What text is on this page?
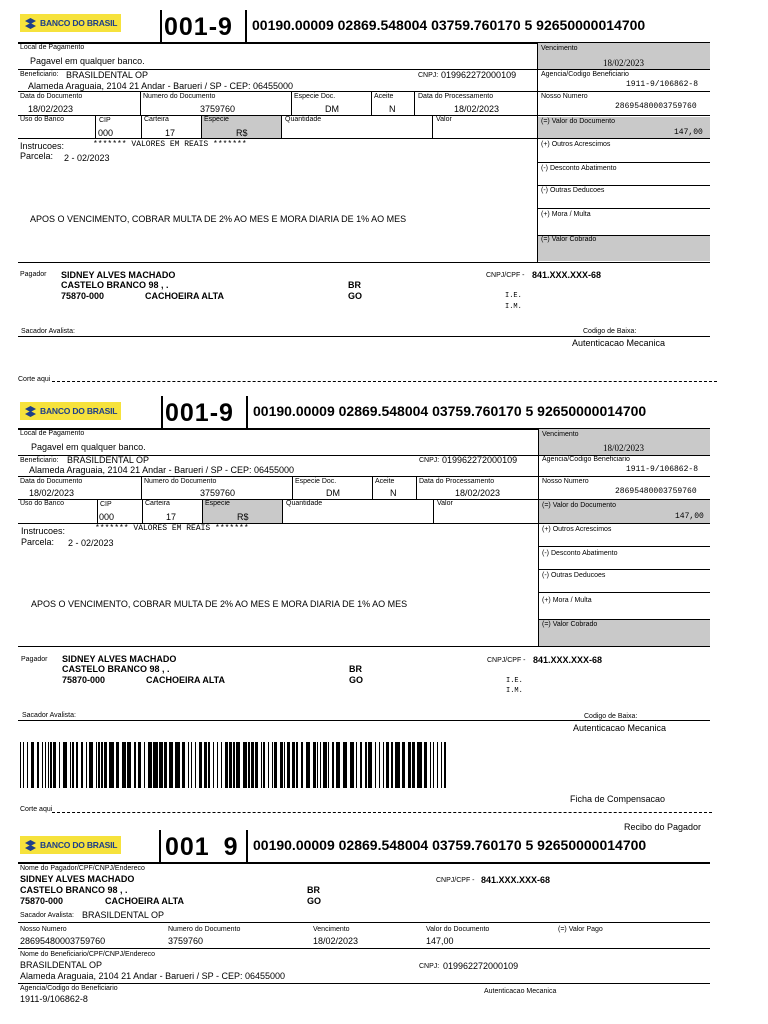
BANCO DO BRASIL 001-9 00190.00009 02869.548004 03759.760170 5 92650000014700
Local de Pagamento
Pagavel em qualquer banco.
Vencimento
18/02/2023
Beneficiario: BRASILDENTAL OP
Alameda Araguaia, 2104 21 Andar - Barueri / SP - CEP: 06455000
CNPJ: 019962272000109	Agencia/Codigo Beneficiario
1911-9/106862-8
Data do Documento
18/02/2023
Numero do Documento
3759760
Especie Doc.
DM
Aceite
N
Data do Processamento
18/02/2023
Nosso Numero
28695480003759760
Uso do Banco	CIP
000
Carteira
17
Especie
R$
Quantidade	Valor	(=) Valor do Documento
147,00
Instrucoes:	******* VALORES EM REAIS *******
Parcela: 2 - 02/2023
APOS O VENCIMENTO, COBRAR MULTA DE 2% AO MES E MORA DIARIA DE 1% AO MES
(+) Outros Acrescimos
(-) Desconto Abatimento
(-) Outras Deducoes
(+) Mora / Multa
(=) Valor Cobrado
Pagador SIDNEY ALVES MACHADO
CASTELO BRANCO 98 , .
75870-000	CACHOEIRA ALTA
BR
GO
CNPJ/CPF - 841.XXX.XXX-68
I.E.
I.M.
Sacador Avalista:	Codigo de Baixa:
Autenticacao Mecanica
Corte aqui
BANCO DO BRASIL 001-9 00190.00009 02869.548004 03759.760170 5 92650000014700
Local de Pagamento
Pagavel em qualquer banco.
Vencimento
18/02/2023
Beneficiario: BRASILDENTAL OP
Alameda Araguaia, 2104 21 Andar - Barueri / SP - CEP: 06455000
CNPJ: 019962272000109	Agencia/Codigo Beneficiario
1911-9/106862-8
Data do Documento
18/02/2023
Numero do Documento
3759760
Especie Doc.
DM
Aceite
N
Data do Processamento
18/02/2023
Nosso Numero
28695480003759760
Uso do Banco	CIP
000
Carteira
17
Especie
R$
Quantidade	Valor	(=) Valor do Documento
147,00
Instrucoes:	******* VALORES EM REAIS *******
Parcela: 2 - 02/2023
APOS O VENCIMENTO, COBRAR MULTA DE 2% AO MES E MORA DIARIA DE 1% AO MES
(+) Outros Acrescimos
(-) Desconto Abatimento
(-) Outras Deducoes
(+) Mora / Multa
(=) Valor Cobrado
Pagador SIDNEY ALVES MACHADO
CASTELO BRANCO 98 , .
75870-000	CACHOEIRA ALTA
BR
GO
CNPJ/CPF - 841.XXX.XXX-68
I.E.
I.M.
Sacador Avalista:	Codigo de Baixa:
Autenticacao Mecanica
Ficha de Compensacao
Corte aqui
Recibo do Pagador
BANCO DO BRASIL 001 9 00190.00009 02869.548004 03759.760170 5 92650000014700
Nome do Pagador/CPF/CNPJ/Endereco
SIDNEY ALVES MACHADO
CASTELO BRANCO 98 , .
75870-000	CACHOEIRA ALTA
BR
GO
CNPJ/CPF - 841.XXX.XXX-68
Sacador Avalista: BRASILDENTAL OP
Nosso Numero
28695480003759760
Numero do Documento
3759760
Vencimento
18/02/2023
Valor do Documento
147,00
(=) Valor Pago
Nome do Beneficiario/CPF/CNPJ/Endereco
BRASILDENTAL OP
Alameda Araguaia, 2104 21 Andar - Barueri / SP - CEP: 06455000
CNPJ: 019962272000109
Agencia/Codigo do Beneficiario
1911-9/106862-8
Autenticacao Mecanica
